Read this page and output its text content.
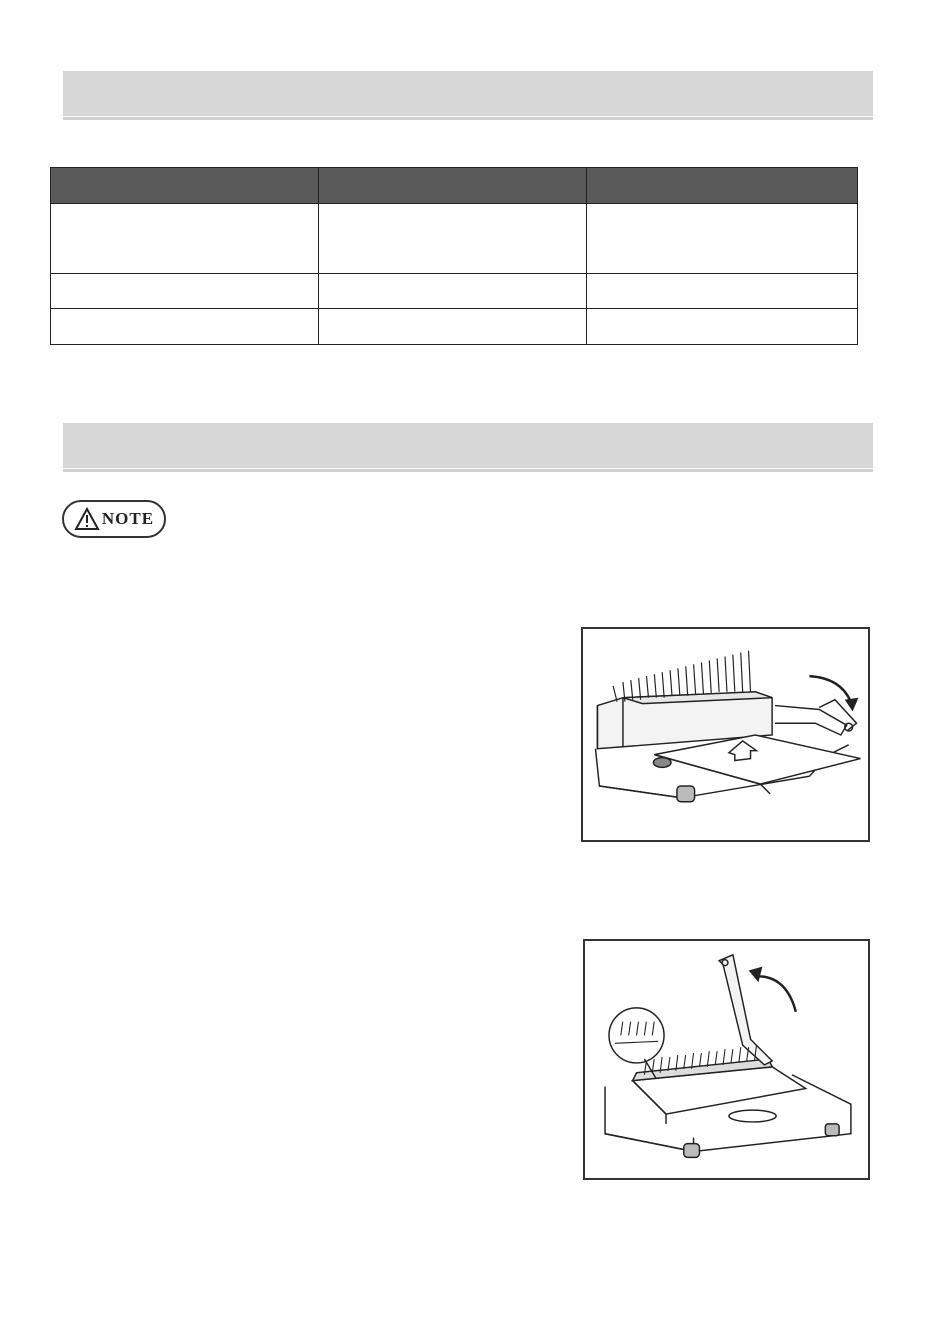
NOTE
